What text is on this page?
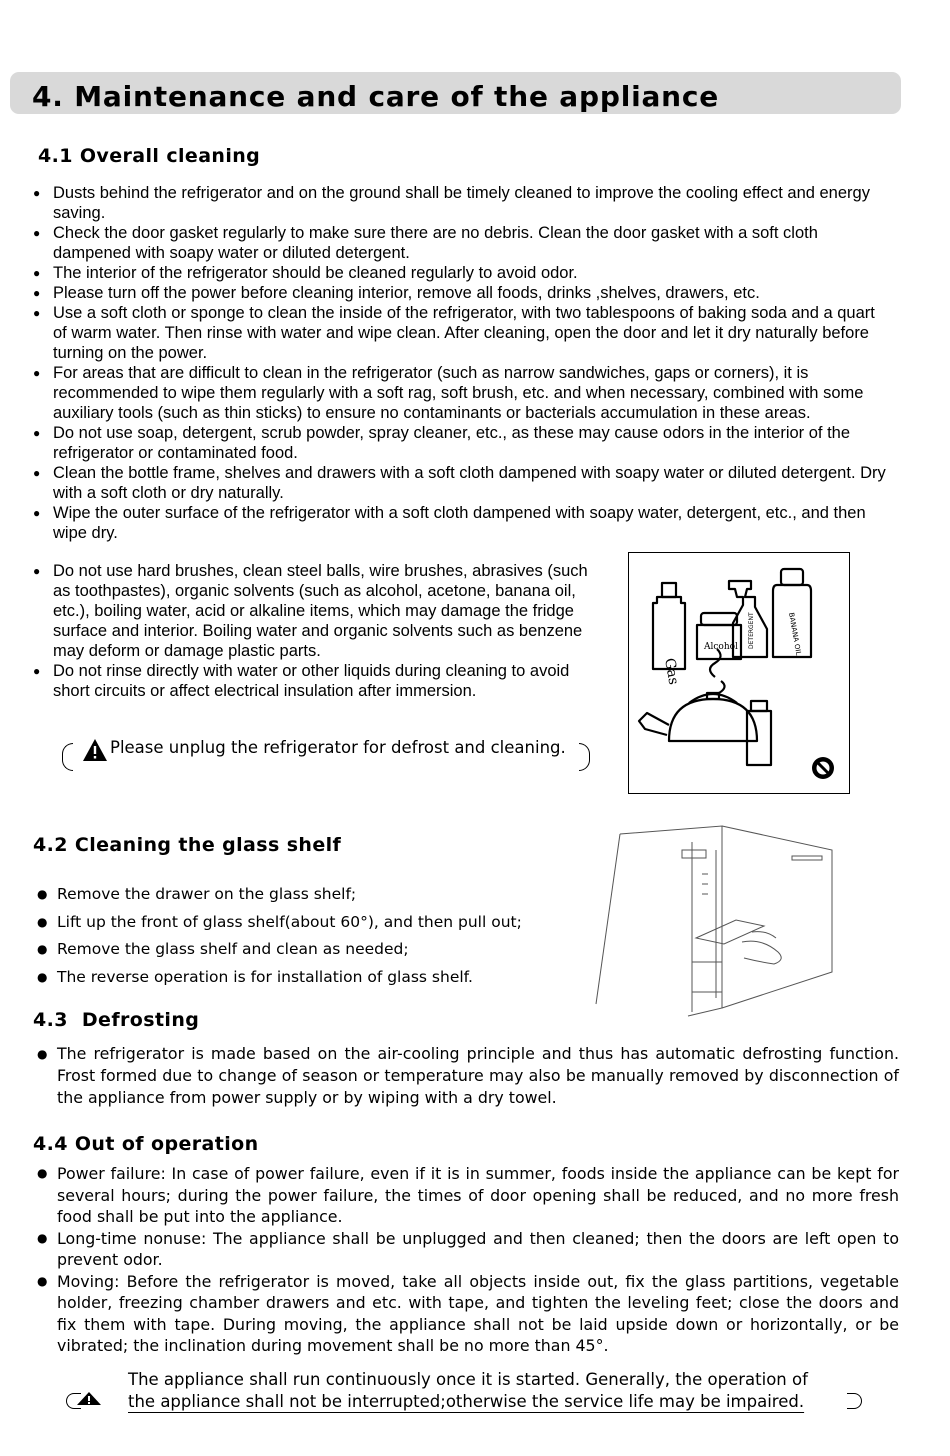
4. Maintenance and care of the appliance
4.1 Overall cleaning
● Dusts behind the refrigerator and on the ground shall be timely cleaned to improve the cooling effect and energy saving.
● Check the door gasket regularly to make sure there are no debris. Clean the door gasket with a soft cloth dampened with soapy water or diluted detergent.
● The interior of the refrigerator should be cleaned regularly to avoid odor.
● Please turn off the power before cleaning interior, remove all foods, drinks ,shelves, drawers, etc.
● Use a soft cloth or sponge to clean the inside of the refrigerator, with two tablespoons of baking soda and a quart of warm water. Then rinse with water and wipe clean. After cleaning, open the door and let it dry naturally before turning on the power.
● For areas that are difficult to clean in the refrigerator (such as narrow sandwiches, gaps or corners), it is recommended to wipe them regularly with a soft rag, soft brush, etc. and when necessary, combined with some auxiliary tools (such as thin sticks) to ensure no contaminants or bacterials accumulation in these areas.
● Do not use soap, detergent, scrub powder, spray cleaner, etc., as these may cause odors in the interior of the refrigerator or contaminated food.
● Clean the bottle frame, shelves and drawers with a soft cloth dampened with soapy water or diluted detergent. Dry with a soft cloth or dry naturally.
● Wipe the outer surface of the refrigerator with a soft cloth dampened with soapy water, detergent, etc., and then wipe dry.
● Do not use hard brushes, clean steel balls, wire brushes, abrasives (such as toothpastes), organic solvents (such as alcohol, acetone, banana oil, etc.), boiling water, acid or alkaline items, which may damage the fridge surface and interior. Boiling water and organic solvents such as benzene may deform or damage plastic parts.
● Do not rinse directly with water or other liquids during cleaning to avoid short circuits or affect electrical insulation after immersion.
Please unplug the refrigerator for defrost and cleaning.
Gas
Alcohol DETERGENT	BANANA OIL
4.2 Cleaning the glass shelf
● Remove the drawer on the glass shelf;
● Lift up the front of glass shelf(about 60°), and then pull out;
● Remove the glass shelf and clean as needed;
● The reverse operation is for installation of glass shelf.
4.3 Defrosting
● The refrigerator is made based on the air-cooling principle and thus has automatic defrosting function. Frost formed due to change of season or temperature may also be manually removed by disconnection of the appliance from power supply or by wiping with a dry towel.
4.4 Out of operation
● Power failure: In case of power failure, even if it is in summer, foods inside the appliance can be kept for several hours; during the power failure, the times of door opening shall be reduced, and no more fresh food shall be put into the appliance.
● Long-time nonuse: The appliance shall be unplugged and then cleaned; then the doors are left open to prevent odor.
● Moving: Before the refrigerator is moved, take all objects inside out, fix the glass partitions, vegetable holder, freezing chamber drawers and etc. with tape, and tighten the leveling feet; close the doors and fix them with tape. During moving, the appliance shall not be laid upside down or horizontally, or be vibrated; the inclination during movement shall be no more than 45°.
The appliance shall run continuously once it is started. Generally, the operation of
the appliance shall not be interrupted;otherwise the service life may be impaired.
